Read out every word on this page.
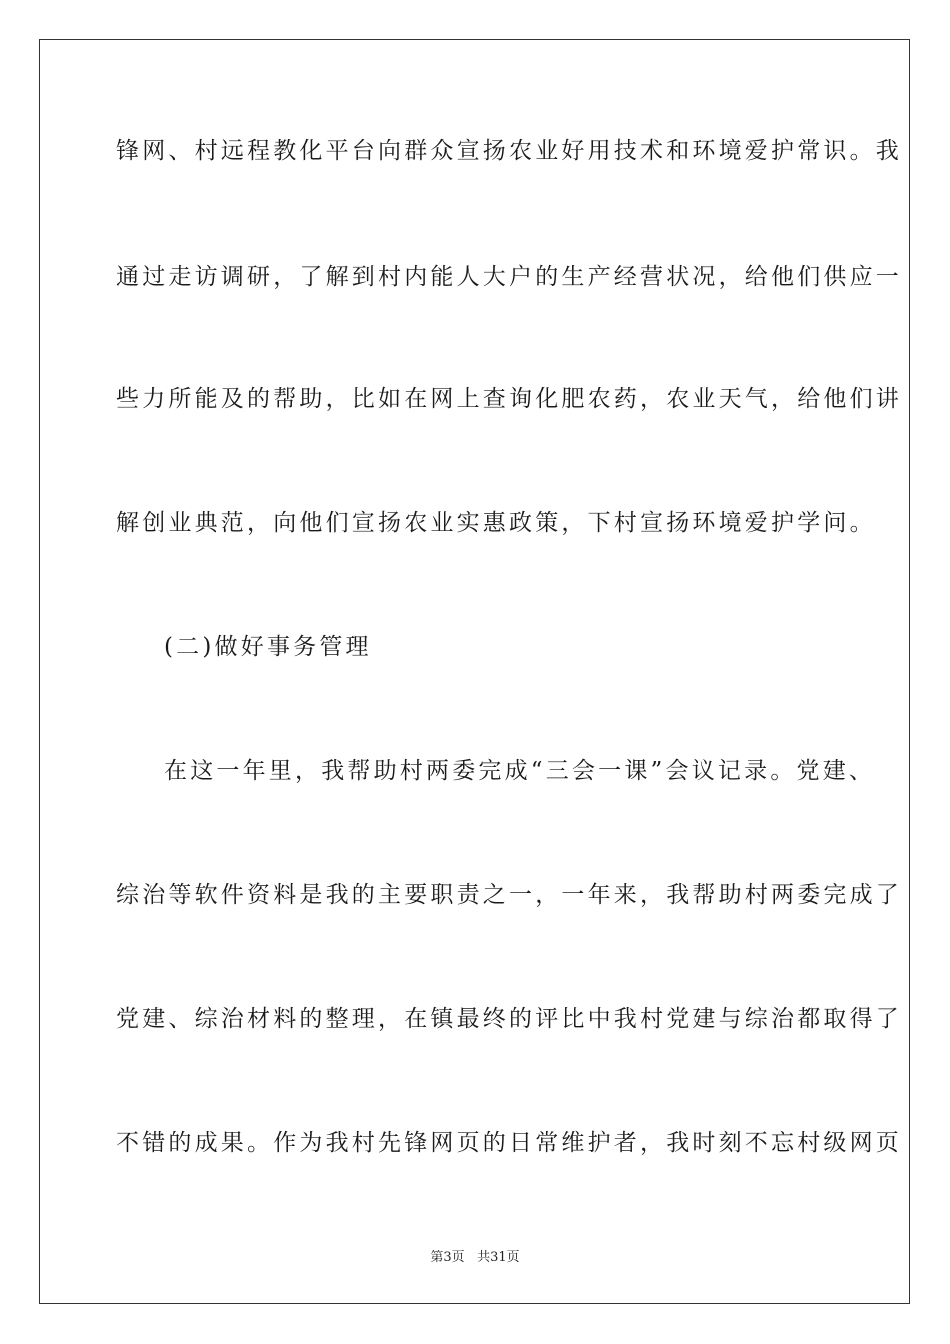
锋网、村远程教化平台向群众宣扬农业好用技术和环境爱护常识。我
通过走访调研，了解到村内能人大户的生产经营状况，给他们供应一
些力所能及的帮助，比如在网上查询化肥农药，农业天气，给他们讲
解创业典范，向他们宣扬农业实惠政策，下村宣扬环境爱护学问。
(二)做好事务管理
在这一年里，我帮助村两委完成“三会一课”会议记录。党建、
综治等软件资料是我的主要职责之一，一年来，我帮助村两委完成了
党建、综治材料的整理，在镇最终的评比中我村党建与综治都取得了
不错的成果。作为我村先锋网页的日常维护者，我时刻不忘村级网页
第3页 共31页
